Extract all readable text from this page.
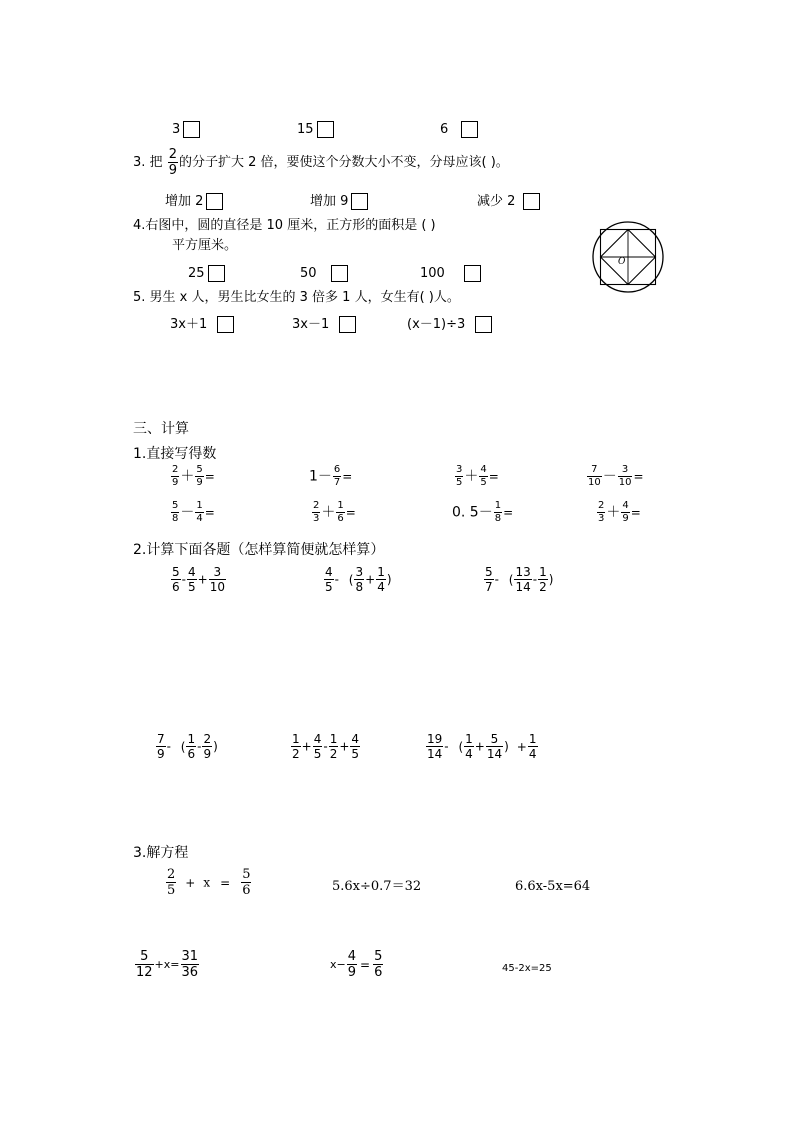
3	15	6
3. 把 $\frac{2}{9}$ 的分子扩大 2 倍，要使这个分数大小不变，分母应该( )。
增加 2	增加 9	减少 2
4.右图中，圆的直径是 10 厘米，正方形的面积是 ( )
平方厘米。
25	50	100
O
5. 男生 x 人，男生比女生的 3 倍多 1 人，女生有( )人。
3x＋1	3x－1	(x－1)÷3
三、计算
1.直接写得数
$\frac{2}{9} + \frac{5}{9}$ =	$1- \frac{6}{7}$ =	$\frac{3}{5} + \frac{4}{5}$ =	$\frac{7}{10} - \frac{3}{10}$ =
$\frac{5}{8} - \frac{1}{4}$ =	$\frac{2}{3} + \frac{1}{6}$ =	0. $5- \frac{1}{8}$ =	$\frac{2}{3} + \frac{4}{9}$ =
2.计算下面各题（怎样算简便就怎样算）
$\frac{5}{6} - \frac{4}{5} + \frac{3}{10}$	$\frac{4}{5}$ - ( $\frac{3}{8} + \frac{1}{4}$ )	$\frac{5}{7}$ - ( $\frac{13}{14} - \frac{1}{2}$ )
$\frac{7}{9}$ - ( $\frac{1}{6} - \frac{2}{9}$ )	$\frac{1}{2} + \frac{4}{5} - \frac{1}{2} + \frac{4}{5}$	$\frac{19}{14}$ - ( $\frac{1}{4} + \frac{5}{14}$ ) + $\frac{1}{4}$
3.解方程
$\frac{2}{5} + x = \frac{5}{6}$	5.6x÷0.7＝32	6.6x-5x=64
$\frac{5}{12} +x= \frac{31}{36}$	$x- \frac{4}{9} = \frac{5}{6}$	45-2x=25
